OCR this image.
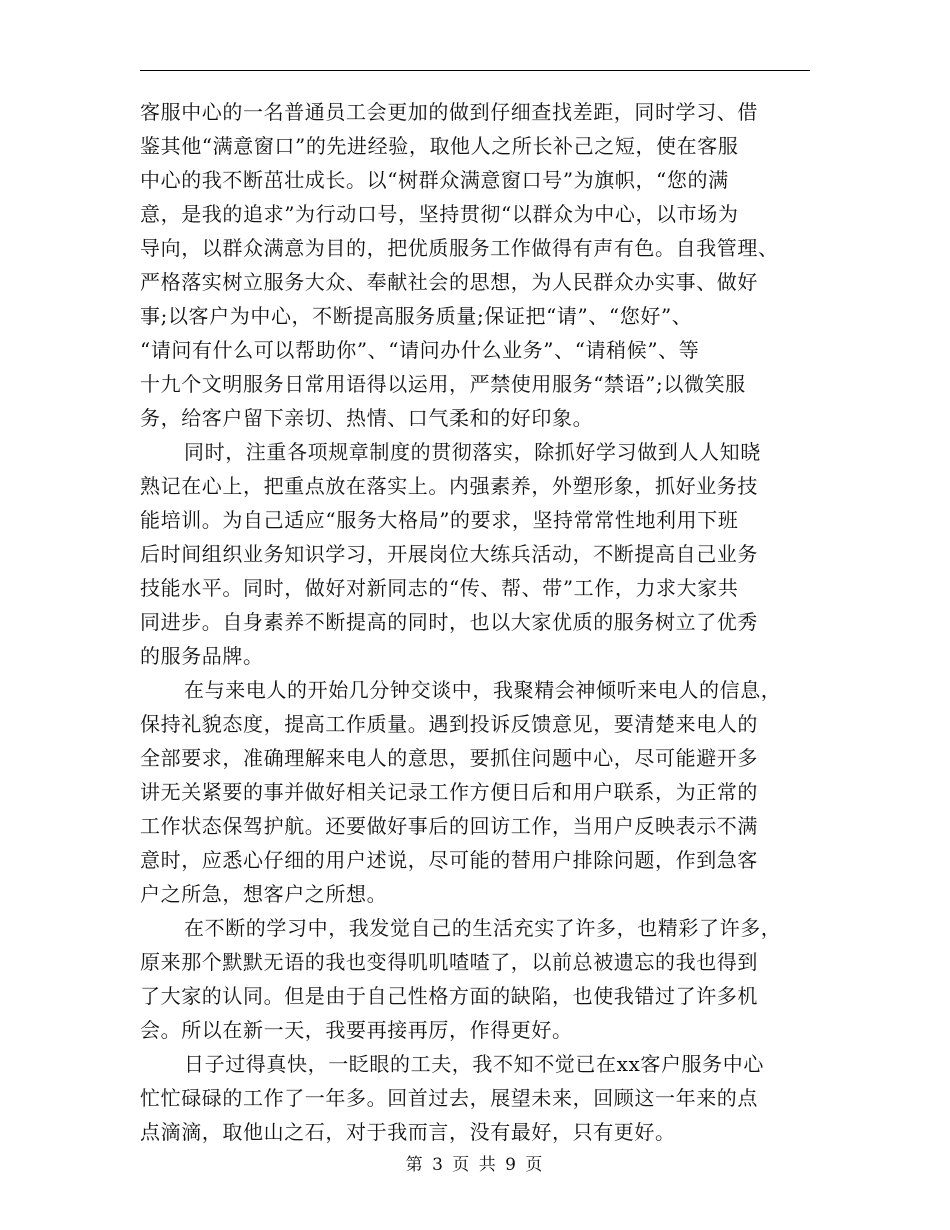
客服中心的一名普通员工会更加的做到仔细查找差距，同时学习、借
鉴其他“满意窗口”的先进经验，取他人之所长补己之短，使在客服
中心的我不断茁壮成长。以“树群众满意窗口号”为旗帜，“您的满
意，是我的追求”为行动口号，坚持贯彻“以群众为中心，以市场为
导向，以群众满意为目的，把优质服务工作做得有声有色。自我管理、
严格落实树立服务大众、奉献社会的思想，为人民群众办实事、做好
事;以客户为中心，不断提高服务质量;保证把“请”、“您好”、
“请问有什么可以帮助你”、“请问办什么业务”、“请稍候”、等
十九个文明服务日常用语得以运用，严禁使用服务“禁语”;以微笑服
务，给客户留下亲切、热情、口气柔和的好印象。
同时，注重各项规章制度的贯彻落实，除抓好学习做到人人知晓
熟记在心上，把重点放在落实上。内强素养，外塑形象，抓好业务技
能培训。为自己适应“服务大格局”的要求，坚持常常性地利用下班
后时间组织业务知识学习，开展岗位大练兵活动，不断提高自己业务
技能水平。同时，做好对新同志的“传、帮、带”工作，力求大家共
同进步。自身素养不断提高的同时，也以大家优质的服务树立了优秀
的服务品牌。
在与来电人的开始几分钟交谈中，我聚精会神倾听来电人的信息，
保持礼貌态度，提高工作质量。遇到投诉反馈意见，要清楚来电人的
全部要求，准确理解来电人的意思，要抓住问题中心，尽可能避开多
讲无关紧要的事并做好相关记录工作方便日后和用户联系，为正常的
工作状态保驾护航。还要做好事后的回访工作，当用户反映表示不满
意时，应悉心仔细的用户述说，尽可能的替用户排除问题，作到急客
户之所急，想客户之所想。
在不断的学习中，我发觉自己的生活充实了许多，也精彩了许多，
原来那个默默无语的我也变得叽叽喳喳了，以前总被遗忘的我也得到
了大家的认同。但是由于自己性格方面的缺陷，也使我错过了许多机
会。所以在新一天，我要再接再厉，作得更好。
日子过得真快，一眨眼的工夫，我不知不觉已在xx客户服务中心
忙忙碌碌的工作了一年多。回首过去，展望未来，回顾这一年来的点
点滴滴，取他山之石，对于我而言，没有最好，只有更好。
第 3 页 共 9 页
